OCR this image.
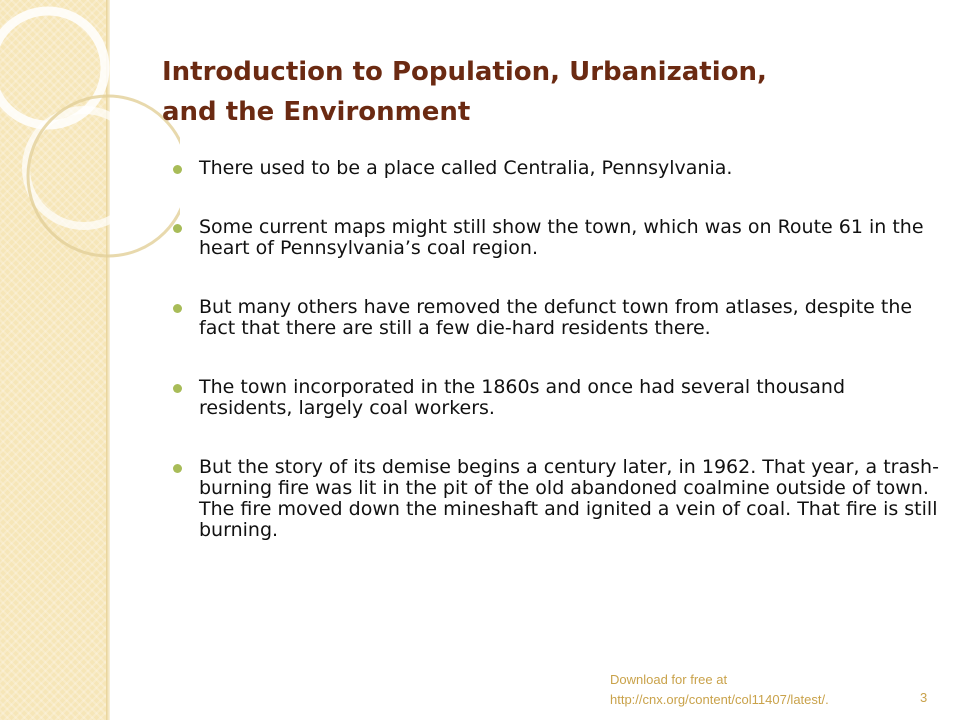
Introduction to Population, Urbanization,
and the Environment
There used to be a place called Centralia, Pennsylvania.
Some current maps might still show the town, which was on Route 61 in the heart of Pennsylvania’s coal region.
But many others have removed the defunct town from atlases, despite the fact that there are still a few die-hard residents there.
The town incorporated in the 1860s and once had several thousand residents, largely coal workers.
But the story of its demise begins a century later, in 1962. That year, a trash-burning fire was lit in the pit of the old abandoned coalmine outside of town. The fire moved down the mineshaft and ignited a vein of coal. That fire is still burning.
Download for free at
http://cnx.org/content/col11407/latest/.	3
